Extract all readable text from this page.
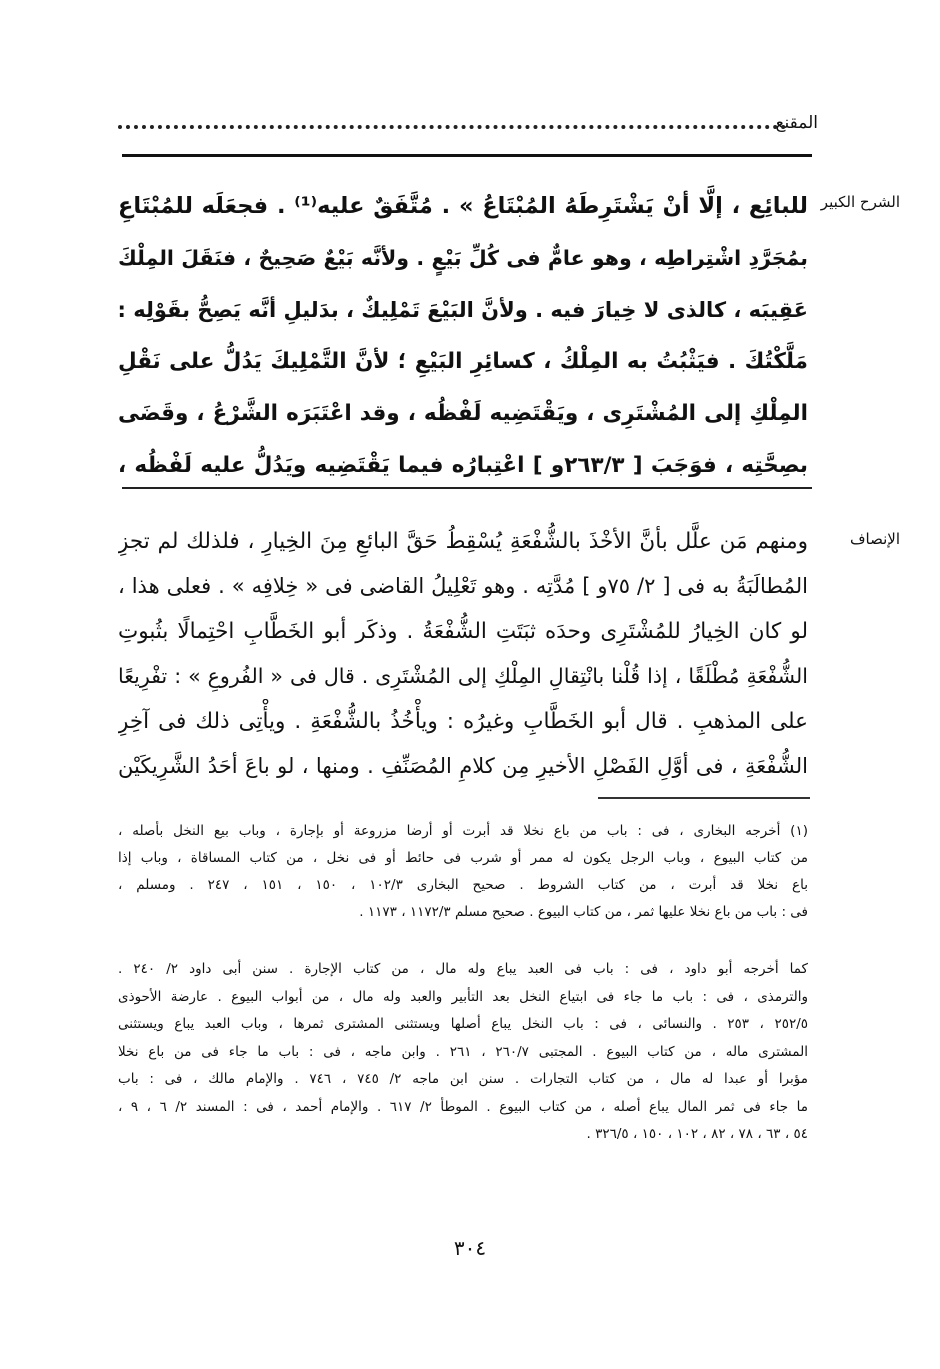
المقنع
الشرح الكبير
للبائِع ، إلَّا أنْ يَشْتَرِطَهُ المُبْتَاعُ » . مُتَّفَقٌ عليه⁽¹⁾ . فجعَلَه للمُبْتَاعِ
بمُجَرَّدِ اشْتِراطِه ، وهو عامٌّ فى كُلِّ بَيْعٍ . ولأنَّه بَيْعٌ صَحِيحٌ ، فنَقَلَ المِلْكَ
عَقِيبَه ، كالذى لا خِيارَ فيه . ولأنَّ البَيْعَ تَمْلِيكٌ ، بدَليلِ أنَّه يَصِحُّ بقَوْلِه :
مَلَّكْتُكَ . فيَثْبُتُ به المِلْكُ ، كسائِرِ البَيْعِ ؛ لأنَّ التَّمْلِيكَ يَدُلُّ على نَقْلِ
المِلْكِ إلى المُشْتَرِى ، ويَقْتَضِيه لَفْظُه ، وقد اعْتَبَرَه الشَّرْعُ ، وقَضَى
بصِحَّتِه ، فوَجَبَ [ ٢٦٣/٣و ] اعْتِبارُه فيما يَقْتَضِيه ويَدُلُّ عليه لَفْظُه ،
الإنصاف
ومنهم مَن علَّل بأنَّ الأخْذَ بالشُّفْعَةِ يُسْقِطُ حَقَّ البائعِ مِنَ الخِيارِ ، فلذلك لم تجزِ
المُطالَبَةُ به فى [ ٢/ ٧٥و ] مُدَّتِه . وهو تَعْلِيلُ القاضى فى « خِلافِه » . فعلى هذا ،
لو كان الخِيارُ للمُشْتَرِى وحدَه ثبَتَتِ الشُّفْعَةُ . وذكَر أبو الخَطَّابِ احْتِمالًا بثُبوتِ
الشُّفْعَةِ مُطْلَقًا ، إذا قُلْنا بانْتِقالِ المِلْكِ إلى المُشْتَرِى . قال فى « الفُروعِ » : تفْرِيعًا
على المذهبِ . قال أبو الخَطَّابِ وغيرُه : ويأْخُذُ بالشُّفْعَةِ . ويأْتِى ذلك فى آخِرِ
الشُّفْعَةِ ، فى أوَّلِ الفَصْلِ الأخيرِ مِن كلامِ المُصَنِّفِ . ومنها ، لو باعَ أحَدُ الشَّرِيكَيْن
(١) أخرجه البخارى ، فى : باب من باع نخلا قد أبرت أو أرضا مزروعة أو بإجارة ، وباب بيع النخل بأصله ،
من كتاب البيوع ، وباب الرجل يكون له ممر أو شرب فى حائط أو فى نخل ، من كتاب المساقاة ، وباب إذا
باع نخلا قد أبرت ، من كتاب الشروط . صحيح البخارى ١٠٢/٣ ، ١٥٠ ، ١٥١ ، ٢٤٧ . ومسلم ،
فى : باب من باع نخلا عليها ثمر ، من كتاب البيوع . صحيح مسلم ١١٧٢/٣ ، ١١٧٣ .
كما أخرجه أبو داود ، فى : باب فى العبد يباع وله مال ، من كتاب الإجارة . سنن أبى داود ٢/ ٢٤٠ .
والترمذى ، فى : باب ما جاء فى ابتياع النخل بعد التأبير والعبد وله مال ، من أبواب البيوع . عارضة الأحوذى
٢٥٢/٥ ، ٢٥٣ . والنسائى ، فى : باب النخل يباع أصلها ويستثنى المشترى ثمرها ، وباب العبد يباع ويستثنى
المشترى ماله ، من كتاب البيوع . المجتبى ٢٦٠/٧ ، ٢٦١ . وابن ماجه ، فى : باب ما جاء فى من باع نخلا
مؤبرا أو عبدا له مال ، من كتاب التجارات . سنن ابن ماجه ٢/ ٧٤٥ ، ٧٤٦ . والإمام مالك ، فى : باب
ما جاء فى ثمر المال يباع أصله ، من كتاب البيوع . الموطأ ٢/ ٦١٧ . والإمام أحمد ، فى : المسند ٢/ ٦ ، ٩ ،
٥٤ ، ٦٣ ، ٧٨ ، ٨٢ ، ١٠٢ ، ١٥٠ ، ٣٢٦/٥ .
٣٠٤
